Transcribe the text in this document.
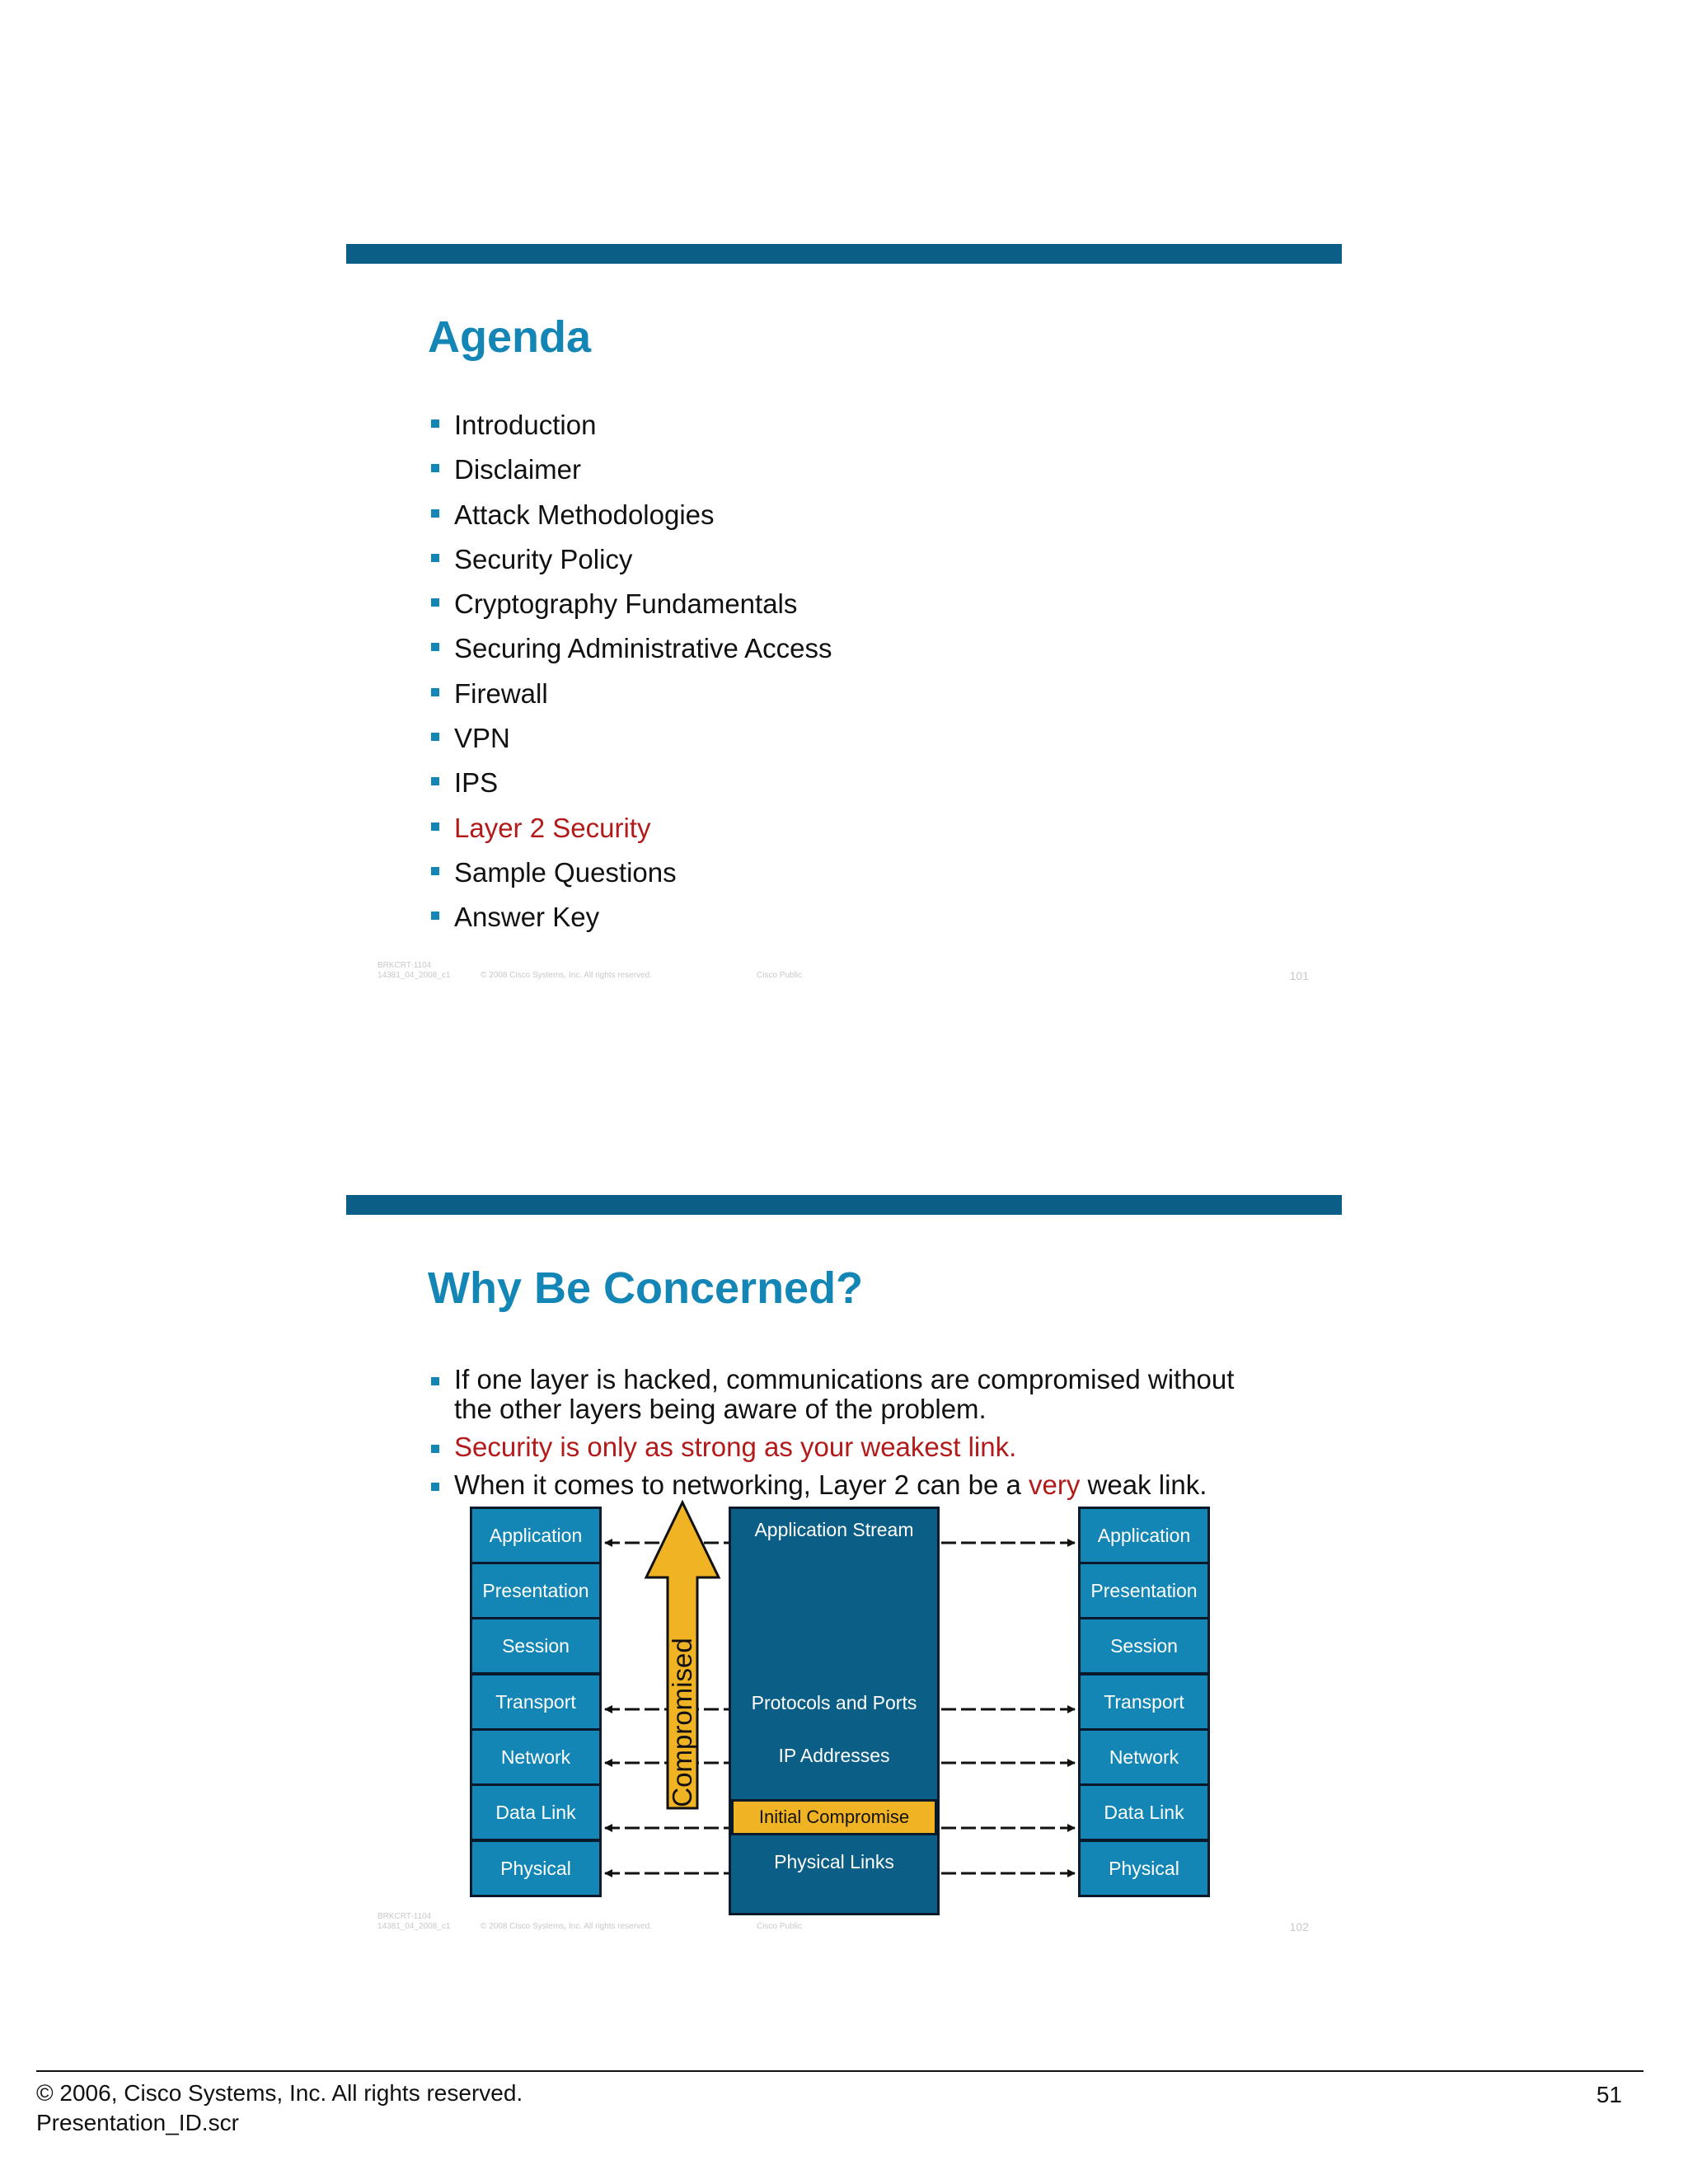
Agenda
Introduction
Disclaimer
Attack Methodologies
Security Policy
Cryptography Fundamentals
Securing Administrative Access
Firewall
VPN
IPS
Layer 2 Security
Sample Questions
Answer Key
BRKCRT-1104
14381_04_2008_c1	© 2008 Cisco Systems, Inc. All rights reserved.	Cisco Public	101
Why Be Concerned?
If one layer is hacked, communications are compromised without the other layers being aware of the problem.
Security is only as strong as your weakest link.
When it comes to networking, Layer 2 can be a very weak link.
Application
Presentation
Session
Transport
Network
Data Link
Physical
Application
Presentation
Session
Transport
Network
Data Link
Physical
Application Stream
Protocols and Ports
IP Addresses
Initial Compromise
Physical Links
Compromised
BRKCRT-1104
14381_04_2008_c1	© 2008 Cisco Systems, Inc. All rights reserved.	Cisco Public	102
© 2006, Cisco Systems, Inc. All rights reserved.
Presentation_ID.scr
51
